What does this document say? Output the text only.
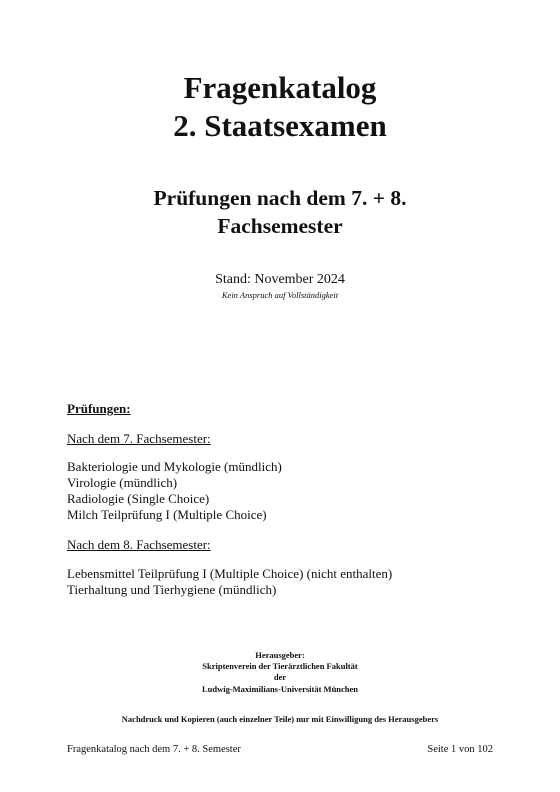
Fragenkatalog
2. Staatsexamen
Prüfungen nach dem 7. + 8.
Fachsemester
Stand: November 2024
Kein Anspruch auf Vollständigkeit
Prüfungen:
Nach dem 7. Fachsemester:
Bakteriologie und Mykologie (mündlich)
Virologie (mündlich)
Radiologie (Single Choice)
Milch Teilprüfung I (Multiple Choice)
Nach dem 8. Fachsemester:
Lebensmittel Teilprüfung I (Multiple Choice) (nicht enthalten)
Tierhaltung und Tierhygiene (mündlich)
Herausgeber:
Skriptenverein der Tierärztlichen Fakultät
der
Ludwig-Maximilians-Universität München
Nachdruck und Kopieren (auch einzelner Teile) nur mit Einwilligung des Herausgebers
Fragenkatalog nach dem 7. + 8. Semester	Seite 1 von 102
